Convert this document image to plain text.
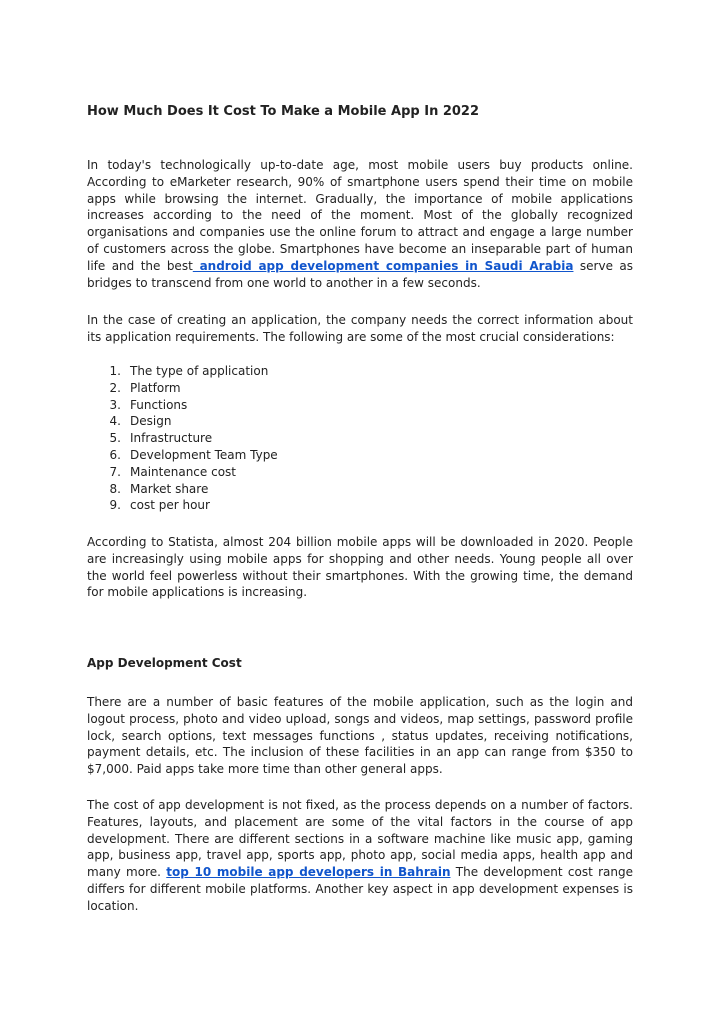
How Much Does It Cost To Make a Mobile App In 2022

In today's technologically up-to-date age, most mobile users buy products online. According to eMarketer research, 90% of smartphone users spend their time on mobile apps while browsing the internet. Gradually, the importance of mobile applications increases according to the need of the moment. Most of the globally recognized organisations and companies use the online forum to attract and engage a large number of customers across the globe. Smartphones have become an inseparable part of human life and the best android app development companies in Saudi Arabia serve as bridges to transcend from one world to another in a few seconds.

In the case of creating an application, the company needs the correct information about its application requirements. The following are some of the most crucial considerations:

1 .	The type of application
2 .	Platform
3 .	Functions
4 .	Design
5 .	Infrastructure
6 .	Development Team Type
7 .	Maintenance cost
8 .	Market share
9 .	cost per hour

According to Statista, almost 204 billion mobile apps will be downloaded in 2020. People are increasingly using mobile apps for shopping and other needs. Young people all over the world feel powerless without their smartphones. With the growing time, the demand for mobile applications is increasing.

App Development Cost

There are a number of basic features of the mobile application, such as the login and logout process, photo and video upload, songs and videos, map settings, password profile lock, search options, text messages functions , status updates, receiving notifications, payment details, etc. The inclusion of these facilities in an app can range from $350 to $7,000. Paid apps take more time than other general apps.

The cost of app development is not fixed, as the process depends on a number of factors. Features, layouts, and placement are some of the vital factors in the course of app development. There are different sections in a software machine like music app, gaming app, business app, travel app, sports app, photo app, social media apps, health app and many more. top 10 mobile app developers in Bahrain The development cost range differs for different mobile platforms. Another key aspect in app development expenses is location.
